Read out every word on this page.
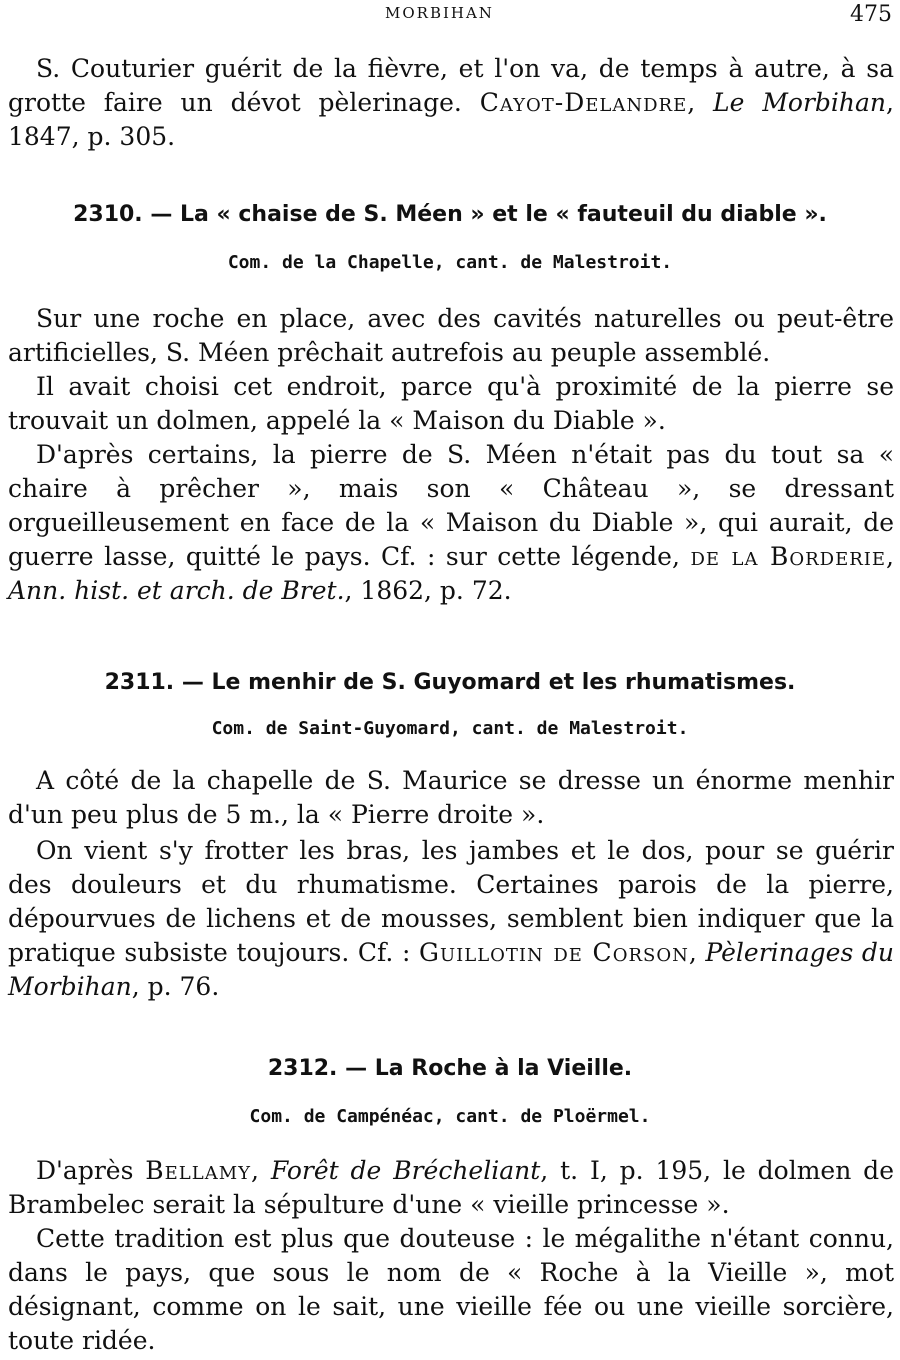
MORBIHAN	475

S. Couturier guérit de la fièvre, et l'on va, de temps à autre, à sa grotte faire un dévot pèlerinage. Cayot-Delandre, Le Morbihan, 1847, p. 305.

2310. — La « chaise de S. Méen » et le « fauteuil du diable ».
Com. de la Chapelle, cant. de Malestroit.

Sur une roche en place, avec des cavités naturelles ou peut-être artificielles, S. Méen prêchait autrefois au peuple assemblé.

Il avait choisi cet endroit, parce qu'à proximité de la pierre se trouvait un dolmen, appelé la « Maison du Diable ».

D'après certains, la pierre de S. Méen n'était pas du tout sa « chaire à prêcher », mais son « Château », se dressant orgueilleusement en face de la « Maison du Diable », qui aurait, de guerre lasse, quitté le pays. Cf. : sur cette légende, de la Borderie, Ann. hist. et arch. de Bret., 1862, p. 72.

2311. — Le menhir de S. Guyomard et les rhumatismes.
Com. de Saint-Guyomard, cant. de Malestroit.

A côté de la chapelle de S. Maurice se dresse un énorme menhir d'un peu plus de 5 m., la « Pierre droite ».

On vient s'y frotter les bras, les jambes et le dos, pour se guérir des douleurs et du rhumatisme. Certaines parois de la pierre, dépourvues de lichens et de mousses, semblent bien indiquer que la pratique subsiste toujours. Cf. : Guillotin de Corson, Pèlerinages du Morbihan, p. 76.

2312. — La Roche à la Vieille.
Com. de Campénéac, cant. de Ploërmel.

D'après Bellamy, Forêt de Brécheliant, t. I, p. 195, le dolmen de Brambelec serait la sépulture d'une « vieille princesse ».

Cette tradition est plus que douteuse : le mégalithe n'étant connu, dans le pays, que sous le nom de « Roche à la Vieille », mot désignant, comme on le sait, une vieille fée ou une vieille sorcière, toute ridée.
